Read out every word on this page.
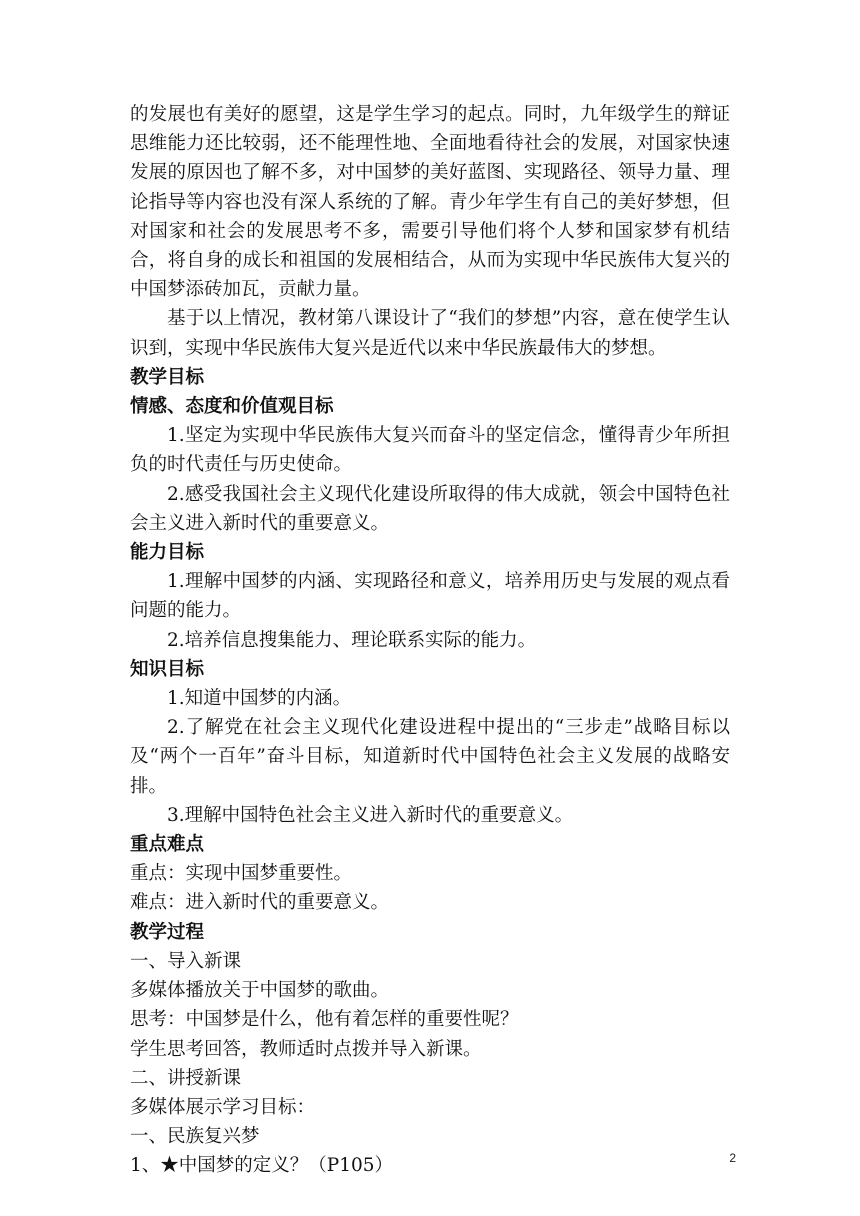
的发展也有美好的愿望，这是学生学习的起点。同时，九年级学生的辩证思维能力还比较弱，还不能理性地、全面地看待社会的发展，对国家快速发展的原因也了解不多，对中国梦的美好蓝图、实现路径、领导力量、理论指导等内容也没有深人系统的了解。青少年学生有自己的美好梦想，但对国家和社会的发展思考不多，需要引导他们将个人梦和国家梦有机结合，将自身的成长和祖国的发展相结合，从而为实现中华民族伟大复兴的中国梦添砖加瓦，贡献力量。

基于以上情况，教材第八课设计了“我们的梦想”内容，意在使学生认识到，实现中华民族伟大复兴是近代以来中华民族最伟大的梦想。

教学目标

情感、态度和价值观目标

1.坚定为实现中华民族伟大复兴而奋斗的坚定信念，懂得青少年所担负的时代责任与历史使命。

2.感受我国社会主义现代化建设所取得的伟大成就，领会中国特色社会主义进入新时代的重要意义。

能力目标

1.理解中国梦的内涵、实现路径和意义，培养用历史与发展的观点看问题的能力。

2.培养信息搜集能力、理论联系实际的能力。

知识目标

1.知道中国梦的内涵。

2.了解党在社会主义现代化建设进程中提出的“三步走”战略目标以及“两个一百年”奋斗目标，知道新时代中国特色社会主义发展的战略安排。

3.理解中国特色社会主义进入新时代的重要意义。

重点难点

重点：实现中国梦重要性。

难点：进入新时代的重要意义。

教学过程

一、导入新课

多媒体播放关于中国梦的歌曲。

思考：中国梦是什么，他有着怎样的重要性呢？

学生思考回答，教师适时点拨并导入新课。

二、讲授新课

多媒体展示学习目标：

一、民族复兴梦

1、★中国梦的定义？（P105）	2
